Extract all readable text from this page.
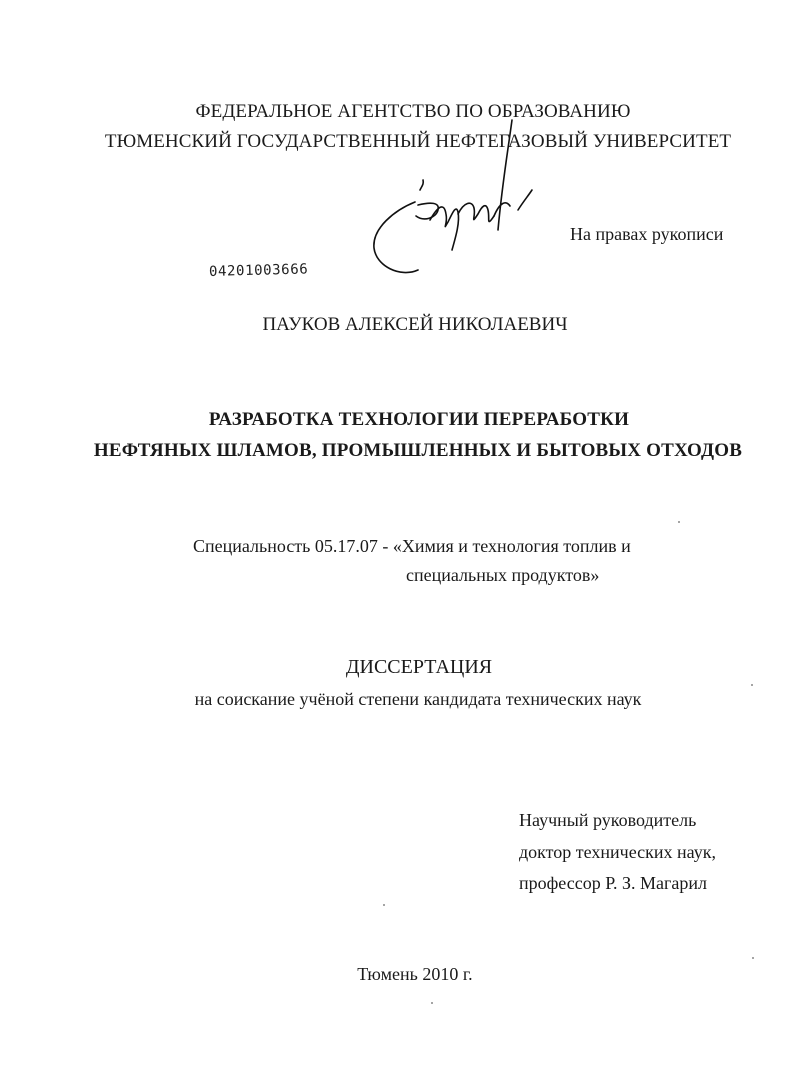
ФЕДЕРАЛЬНОЕ АГЕНТСТВО ПО ОБРАЗОВАНИЮ
ТЮМЕНСКИЙ ГОСУДАРСТВЕННЫЙ НЕФТЕГАЗОВЫЙ УНИВЕРСИТЕТ
На правах рукописи
04201003666
ПАУКОВ АЛЕКСЕЙ НИКОЛАЕВИЧ
РАЗРАБОТКА ТЕХНОЛОГИИ ПЕРЕРАБОТКИ
НЕФТЯНЫХ ШЛАМОВ, ПРОМЫШЛЕННЫХ И БЫТОВЫХ ОТХОДОВ
Специальность 05.17.07 - «Химия и технология топлив и
специальных продуктов»
ДИССЕРТАЦИЯ
на соискание учёной степени кандидата технических наук
Научный руководитель
доктор технических наук,
профессор Р. З. Магарил
Тюмень 2010 г.
